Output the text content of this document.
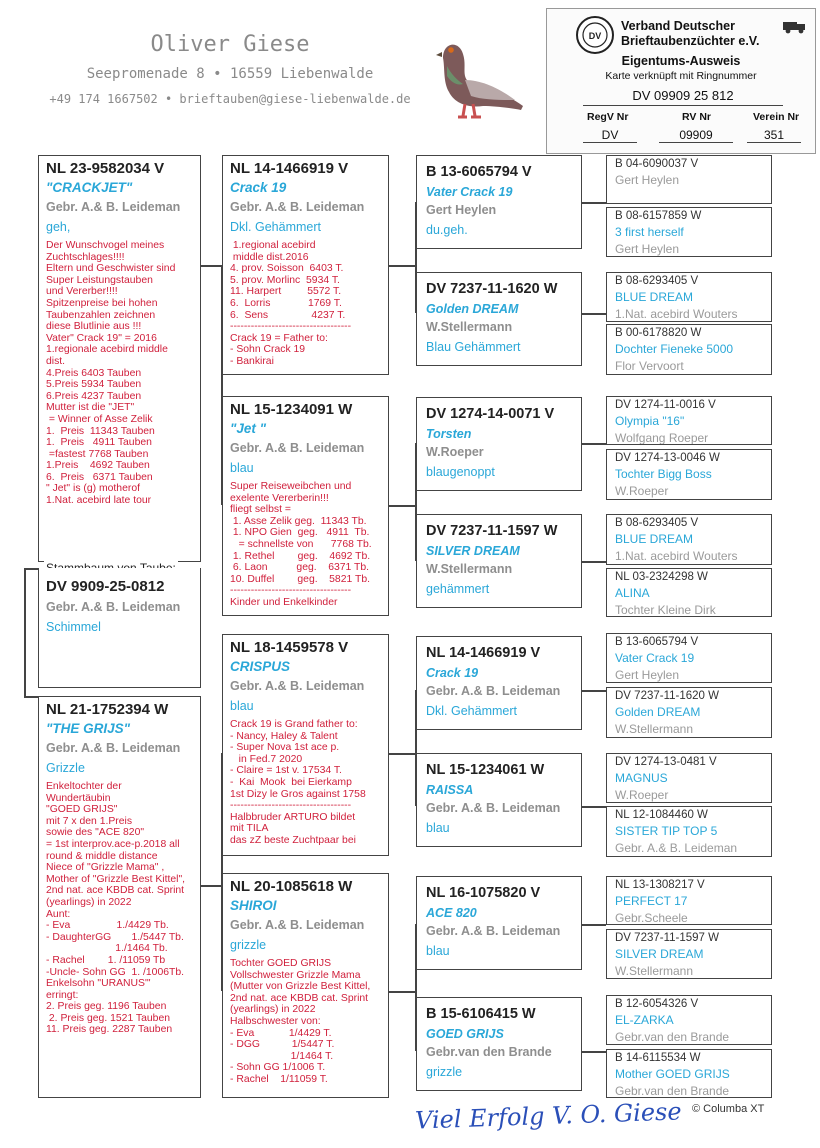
Oliver Giese
Seepromenade 8 • 16559 Liebenwalde
+49 174 1667502 • brieftauben@giese-liebenwalde.de
DV
Verband Deutscher
Brieftaubenzüchter e.V.
Eigentums-Ausweis
Karte verknüpft mit Ringnummer
DV 09909 25 812
RegV Nr	RV Nr	Verein Nr
DV	09909	351
NL 23-9582034 V
"CRACKJET"
Gebr. A.& B. Leideman
geh,
Der Wunschvogel meines
Zuchtschlages!!!!
Eltern und Geschwister sind
Super Leistungstauben
und Vererber!!!!
Spitzenpreise bei hohen
Taubenzahlen zeichnen
diese Blutlinie aus !!!
Vater" Crack 19" = 2016
1.regionale acebird middle
dist.
4.Preis 6403 Tauben
5.Preis 5934 Tauben
6.Preis 4237 Tauben
Mutter ist die "JET"
= Winner of Asse Zelik
1.  Preis  11343 Tauben
1.  Preis   4911 Tauben
=fastest 7768 Tauben
1.Preis    4692 Tauben
6.  Preis   6371 Tauben
" Jet" is (g) motherof
1.Nat. acebird late tour
DV 9909-25-0812
Gebr. A.& B. Leideman
Schimmel
NL 21-1752394 W
"THE GRIJS"
Gebr. A.& B. Leideman
Grizzle
Enkeltochter der
Wundertäubin
"GOED GRIJS"
mit 7 x den 1.Preis
sowie des "ACE 820"
= 1st interprov.ace-p.2018 all
round & middle distance
Niece of "Grizzle Mama" ,
Mother of "Grizzle Best Kittel",
2nd nat. ace KBDB cat. Sprint
(yearlings) in 2022
Aunt:
- Eva                1./4429 Tb.
- DaughterGG       1./5447 Tb.
1./1464 Tb.
- Rachel        1. /11059 Tb
-Uncle- Sohn GG  1. /1006Tb.
Enkelsohn "URANUS"'
erringt:
2. Preis geg. 1196 Tauben
2. Preis geg. 1521 Tauben
11. Preis geg. 2287 Tauben
NL 14-1466919 V
Crack 19
Gebr. A.& B. Leideman
Dkl. Gehämmert
1.regional acebird
middle dist.2016
4. prov. Soisson  6403 T.
5. prov. Morlinc  5934 T.
11. Harpert         5572 T.
6.  Lorris             1769 T.
6.  Sens               4237 T.
-----------------------------------
Crack 19 = Father to:
- Sohn Crack 19
- Bankirai
NL 15-1234091 W
"Jet "
Gebr. A.& B. Leideman
blau
Super Reiseweibchen und
exelente Vererberin!!!
fliegt selbst =
1. Asse Zelik geg.  11343 Tb.
1. NPO Gien  geg.   4911  Tb.
= schnellste von      7768 Tb.
1. Rethel        geg.    4692 Tb.
6. Laon          geg.    6371 Tb.
10. Duffel        geg.    5821 Tb.
-----------------------------------
Kinder und Enkelkinder
NL 18-1459578 V
CRISPUS
Gebr. A.& B. Leideman
blau
Crack 19 is Grand father to:
- Nancy, Haley & Talent
- Super Nova 1st ace p.
in Fed.7 2020
- Claire = 1st v. 17534 T.
-  Kai  Mook  bei Eierkamp
1st Dizy le Gros against 1758
-----------------------------------
Halbbruder ARTURO bildet
mit TILA
das zZ beste Zuchtpaar bei
NL 20-1085618 W
SHIROI
Gebr. A.& B. Leideman
grizzle
Tochter GOED GRIJS
Vollschwester Grizzle Mama
(Mutter von Grizzle Best Kittel,
2nd nat. ace KBDB cat. Sprint
(yearlings) in 2022
Halbschwester von:
- Eva            1/4429 T.
- DGG           1/5447 T.
1/1464 T.
- Sohn GG 1/1006 T.
- Rachel    1/11059 T.
B 13-6065794 V
Vater Crack 19
Gert Heylen
du.geh.
DV 7237-11-1620 W
Golden DREAM
W.Stellermann
Blau Gehämmert
DV 1274-14-0071 V
Torsten
W.Roeper
blaugenoppt
DV 7237-11-1597 W
SILVER DREAM
W.Stellermann
gehämmert
NL 14-1466919 V
Crack 19
Gebr. A.& B. Leideman
Dkl. Gehämmert
NL 15-1234061 W
RAISSA
Gebr. A.& B. Leideman
blau
NL 16-1075820 V
ACE 820
Gebr. A.& B. Leideman
blau
B 15-6106415 W
GOED GRIJS
Gebr.van den Brande
grizzle
B 04-6090037 V
Gert Heylen
B 08-6157859 W
3 first herself
Gert Heylen
B 08-6293405 V
BLUE DREAM
1.Nat. acebird Wouters
B 00-6178820 W
Dochter Fieneke 5000
Flor Vervoort
DV 1274-11-0016 V
Olympia "16"
Wolfgang Roeper
DV 1274-13-0046 W
Tochter Bigg Boss
W.Roeper
B 08-6293405 V
BLUE DREAM
1.Nat. acebird Wouters
NL 03-2324298 W
ALINA
Tochter Kleine Dirk
B 13-6065794 V
Vater Crack 19
Gert Heylen
DV 7237-11-1620 W
Golden DREAM
W.Stellermann
DV 1274-13-0481 V
MAGNUS
W.Roeper
NL 12-1084460 W
SISTER TIP TOP 5
Gebr. A.& B. Leideman
NL 13-1308217 V
PERFECT 17
Gebr.Scheele
DV 7237-11-1597 W
SILVER DREAM
W.Stellermann
B 12-6054326 V
EL-ZARKA
Gebr.van den Brande
B 14-6115534 W
Mother GOED GRIJS
Gebr.van den Brande
Viel Erfolg V. O. Giese © Columba XT
